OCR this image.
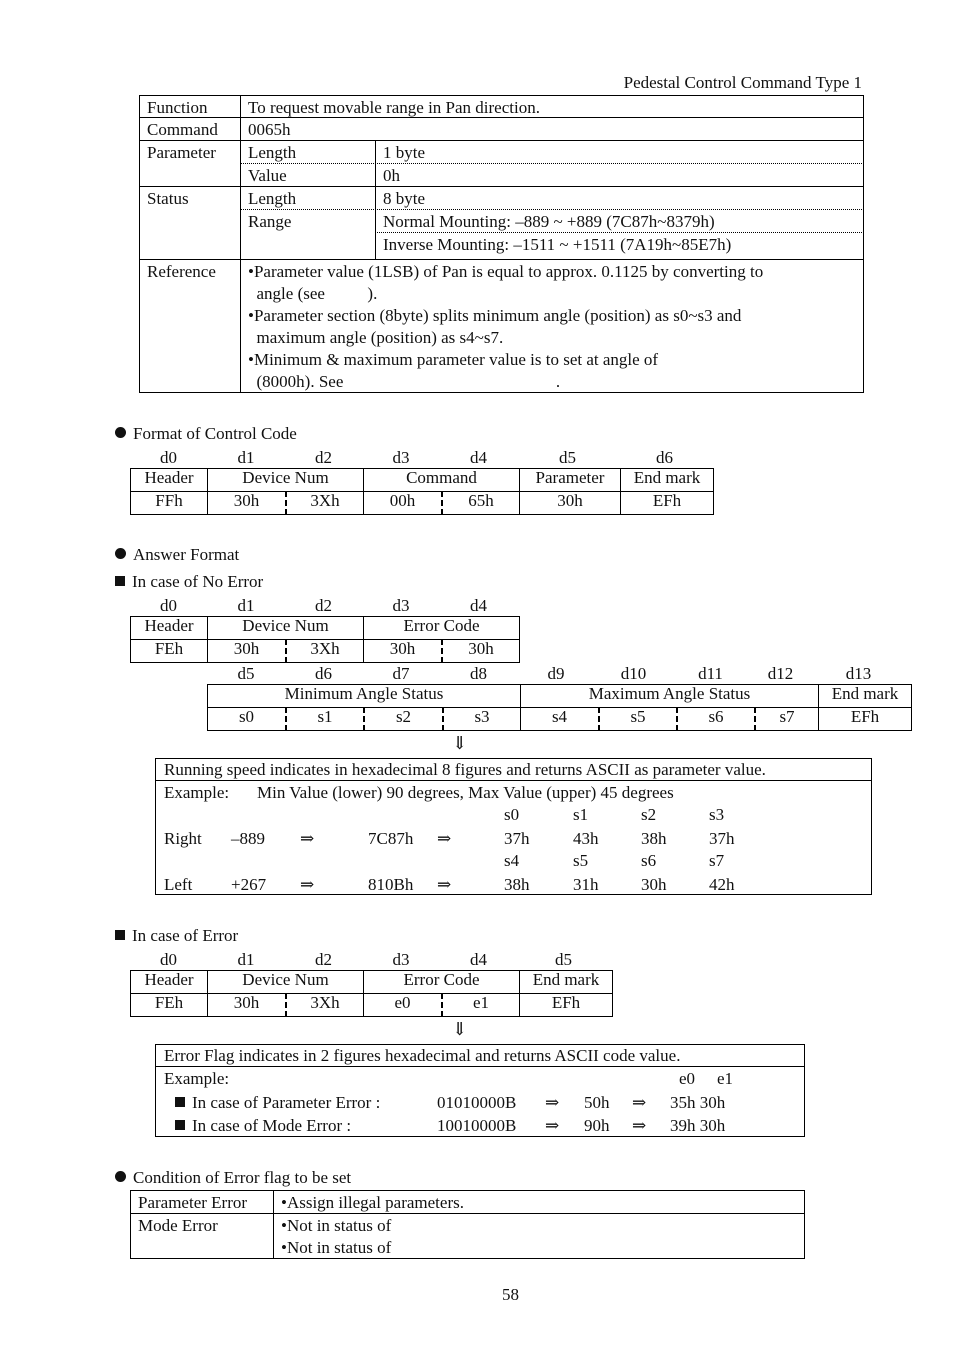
Pedestal Control Command Type 1
Function To request movable range in Pan direction.
Command 0065h
Parameter Length	1 byte
Value	0h
Status	Length	8 byte
Range	Normal Mounting: –889 ~ +889 (7C87h~8379h)
Inverse Mounting: –1511 ~ +1511 (7A19h~85E7h)
Reference •Parameter value (1LSB) of Pan is equal to approx. 0.1125 by converting to
angle (see          ).
•Parameter section (8byte) splits minimum angle (position) as s0~s3 and
maximum angle (position) as s4~s7.
•Minimum & maximum parameter value is to set at angle of
(8000h). See                                                  .
Format of Control Code
d0	d1	d2	d3	d4	d5	d6
Header	Device Num		Command		Parameter	End mark
FFh	30h	3Xh	00h	65h	30h	EFh
Answer Format
In case of No Error
d0	d1	d2	d3	d4
Header	Device Num		Error Code	
FEh	30h	3Xh	30h	30h
d5	d6	d7	d8	d9	d10	d11	d12	d13
Minimum Angle Status				Maximum Angle Status				End mark
s0	s1	s2	s3	s4	s5	s6	s7	EFh
⇓
Running speed indicates in hexadecimal 8 figures and returns ASCII as parameter value.
Example: Min Value (lower) 90 degrees, Max Value (upper) 45 degrees
s0	s1	s2	s3
Right –889 ⇒	7C87h ⇒	37h	43h	38h	37h
s4	s5	s6	s7
Left +267 ⇒	810Bh ⇒	38h	31h	30h	42h
In case of Error
d0	d1	d2	d3	d4	d5
Header	Device Num		Error Code		End mark
FEh	30h	3Xh	e0	e1	EFh
⇓
Error Flag indicates in 2 figures hexadecimal and returns ASCII code value.
Example:	e0 e1
In case of Parameter Error :	01010000B ⇒ 50h ⇒ 35h 30h
In case of Mode Error :	10010000B ⇒ 90h ⇒ 39h 30h
Condition of Error flag to be set
Parameter Error •Assign illegal parameters.
Mode Error	•Not in status of
•Not in status of
58
